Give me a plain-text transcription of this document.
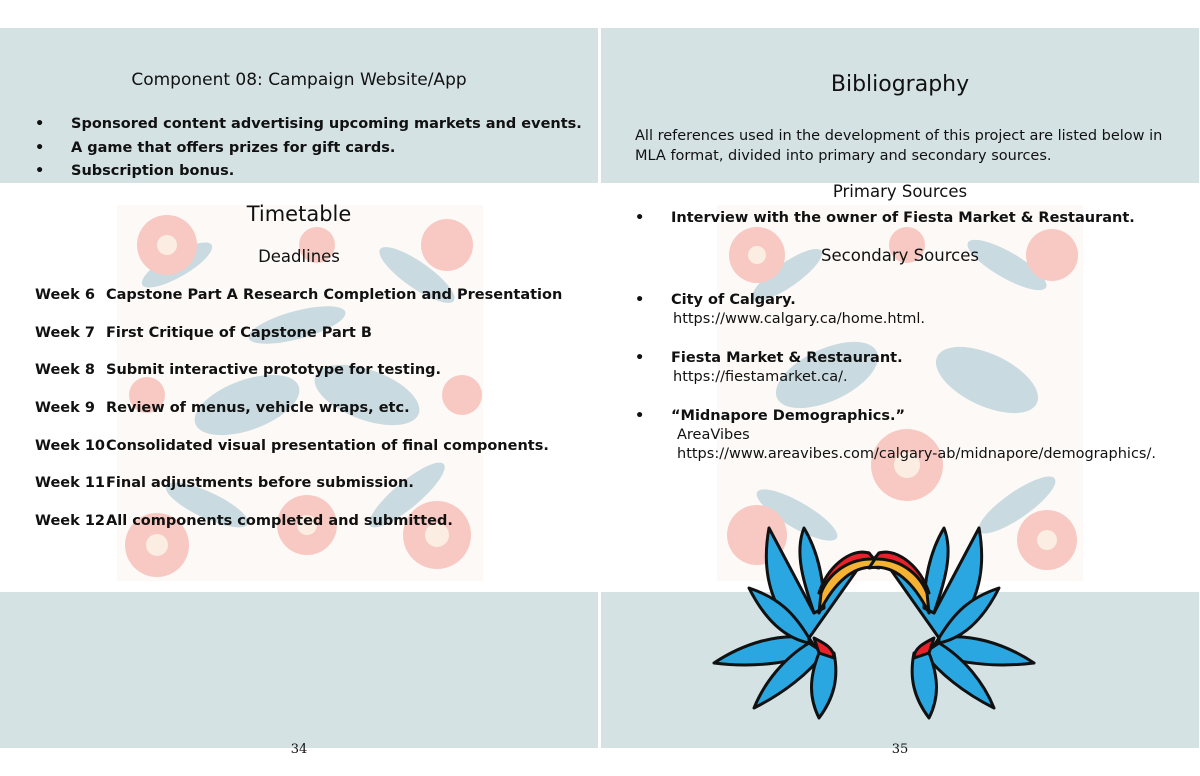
Component 08: Campaign Website/App
• Sponsored content advertising upcoming markets and events.
• A game that offers prizes for gift cards.
• Subscription bonus.
Timetable
Deadlines
Week 6 Capstone Part A Research Completion and Presentation
Week 7 First Critique of Capstone Part B
Week 8 Submit interactive prototype for testing.
Week 9 Review of menus, vehicle wraps, etc.
Week 10 Consolidated visual presentation of final components.
Week 11 Final adjustments before submission.
Week 12 All components completed and submitted.
34
Bibliography
All references used in the development of this project are listed below in MLA format, divided into primary and secondary sources.
Primary Sources
• Interview with the owner of Fiesta Market & Restaurant.
Secondary Sources
• City of Calgary.
https://www.calgary.ca/home.html.
• Fiesta Market & Restaurant.
https://fiestamarket.ca/.
• “Midnapore Demographics.”
AreaVibes
https://www.areavibes.com/calgary-ab/midnapore/demographics/.
35
